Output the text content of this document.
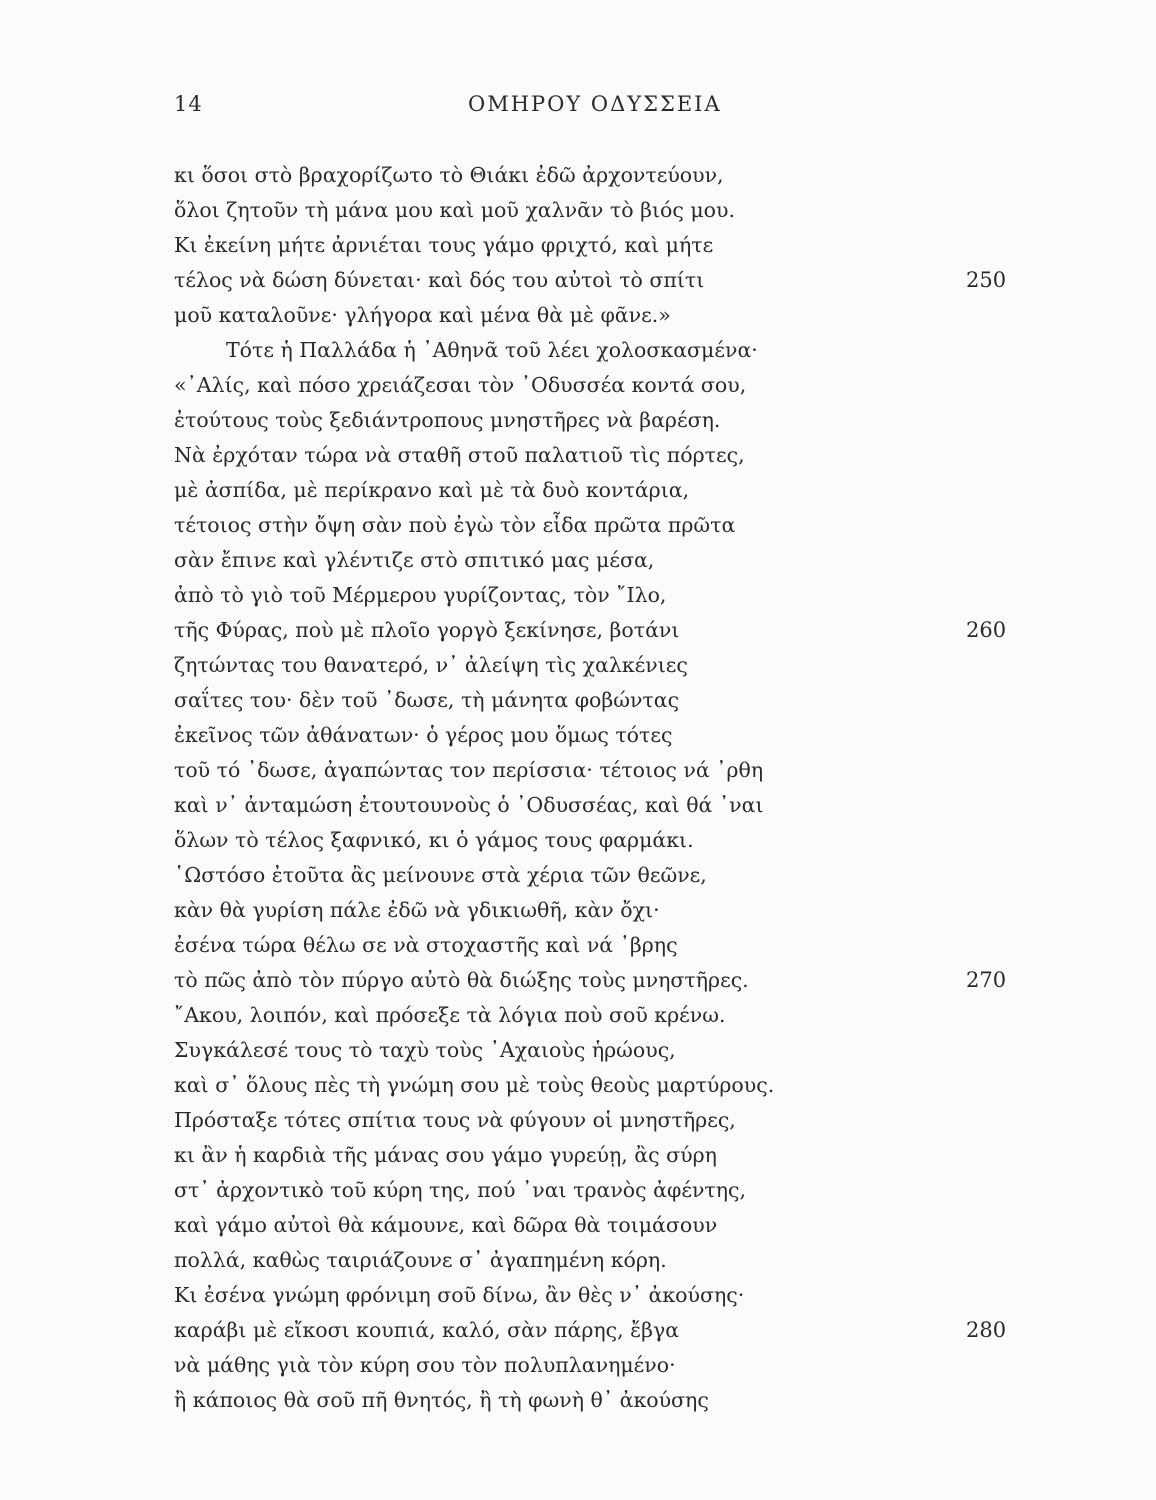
14	ΟΜΗΡΟΥ ΟΔΥΣΣΕΙΑ
κι ὅσοι στὸ βραχορίζωτο τὸ Θιάκι ἐδῶ ἀρχοντεύουν,
ὅλοι ζητοῦν τὴ μάνα μου καὶ μοῦ χαλνᾶν τὸ βιός μου.
Κι ἐκείνη μήτε ἀρνιέται τους γάμο φριχτό, καὶ μήτε
τέλος νὰ δώση δύνεται· καὶ δός του αὐτοὶ τὸ σπίτι
μοῦ καταλοῦνε· γλήγορα καὶ μένα θὰ μὲ φᾶνε.»
Τότε ἡ Παλλάδα ἡ ᾿Αθηνᾶ τοῦ λέει χολοσκασμένα·
«᾿Αλίς, καὶ πόσο χρειάζεσαι τὸν ᾿Οδυσσέα κοντά σου,
ἐτούτους τοὺς ξεδιάντροπους μνηστῆρες νὰ βαρέση.
Νὰ ἐρχόταν τώρα νὰ σταθῆ στοῦ παλατιοῦ τὶς πόρτες,
μὲ ἀσπίδα, μὲ περίκρανο καὶ μὲ τὰ δυὸ κοντάρια,
τέτοιος στὴν ὄψη σὰν ποὺ ἐγὼ τὸν εἶδα πρῶτα πρῶτα
σὰν ἔπινε καὶ γλέντιζε στὸ σπιτικό μας μέσα,
ἀπὸ τὸ γιὸ τοῦ Μέρμερου γυρίζοντας, τὸν ῎Ιλο,
τῆς Φύρας, ποὺ μὲ πλοῖο γοργὸ ξεκίνησε, βοτάνι
ζητώντας του θανατερό, ν᾿ ἀλείψη τὶς χαλκένιες
σαΐτες του· δὲν τοῦ ᾿δωσε, τὴ μάνητα φοβώντας
ἐκεῖνος τῶν ἀθάνατων· ὁ γέρος μου ὅμως τότες
τοῦ τό ᾿δωσε, ἀγαπώντας τον περίσσια· τέτοιος νά ᾿ρθη
καὶ ν᾿ ἀνταμώση ἐτουτουνοὺς ὁ ᾿Οδυσσέας, καὶ θά ᾿ναι
ὅλων τὸ τέλος ξαφνικό, κι ὁ γάμος τους φαρμάκι.
῾Ωστόσο ἐτοῦτα ἂς μείνουνε στὰ χέρια τῶν θεῶνε,
κὰν θὰ γυρίση πάλε ἐδῶ νὰ γδικιωθῆ, κὰν ὄχι·
ἐσένα τώρα θέλω σε νὰ στοχαστῆς καὶ νά ᾿βρης
τὸ πῶς ἀπὸ τὸν πύργο αὐτὸ θὰ διώξης τοὺς μνηστῆρες.
῎Ακου, λοιπόν, καὶ πρόσεξε τὰ λόγια ποὺ σοῦ κρένω.
Συγκάλεσέ τους τὸ ταχὺ τοὺς ᾿Αχαιοὺς ἡρώους,
καὶ σ᾿ ὅλους πὲς τὴ γνώμη σου μὲ τοὺς θεοὺς μαρτύρους.
Πρόσταξε τότες σπίτια τους νὰ φύγουν οἱ μνηστῆρες,
κι ἂν ἡ καρδιὰ τῆς μάνας σου γάμο γυρεύῃ, ἂς σύρη
στ᾿ ἀρχοντικὸ τοῦ κύρη της, πού ᾿ναι τρανὸς ἀφέντης,
καὶ γάμο αὐτοὶ θὰ κάμουνε, καὶ δῶρα θὰ τοιμάσουν
πολλά, καθὼς ταιριάζουνε σ᾿ ἀγαπημένη κόρη.
Κι ἐσένα γνώμη φρόνιμη σοῦ δίνω, ἂν θὲς ν᾿ ἀκούσης·
καράβι μὲ εἴκοσι κουπιά, καλό, σὰν πάρης, ἔβγα
νὰ μάθης γιὰ τὸν κύρη σου τὸν πολυπλανημένο·
ἢ κάποιος θὰ σοῦ πῆ θνητός, ἢ τὴ φωνὴ θ᾿ ἀκούσης
250
260
270
280
